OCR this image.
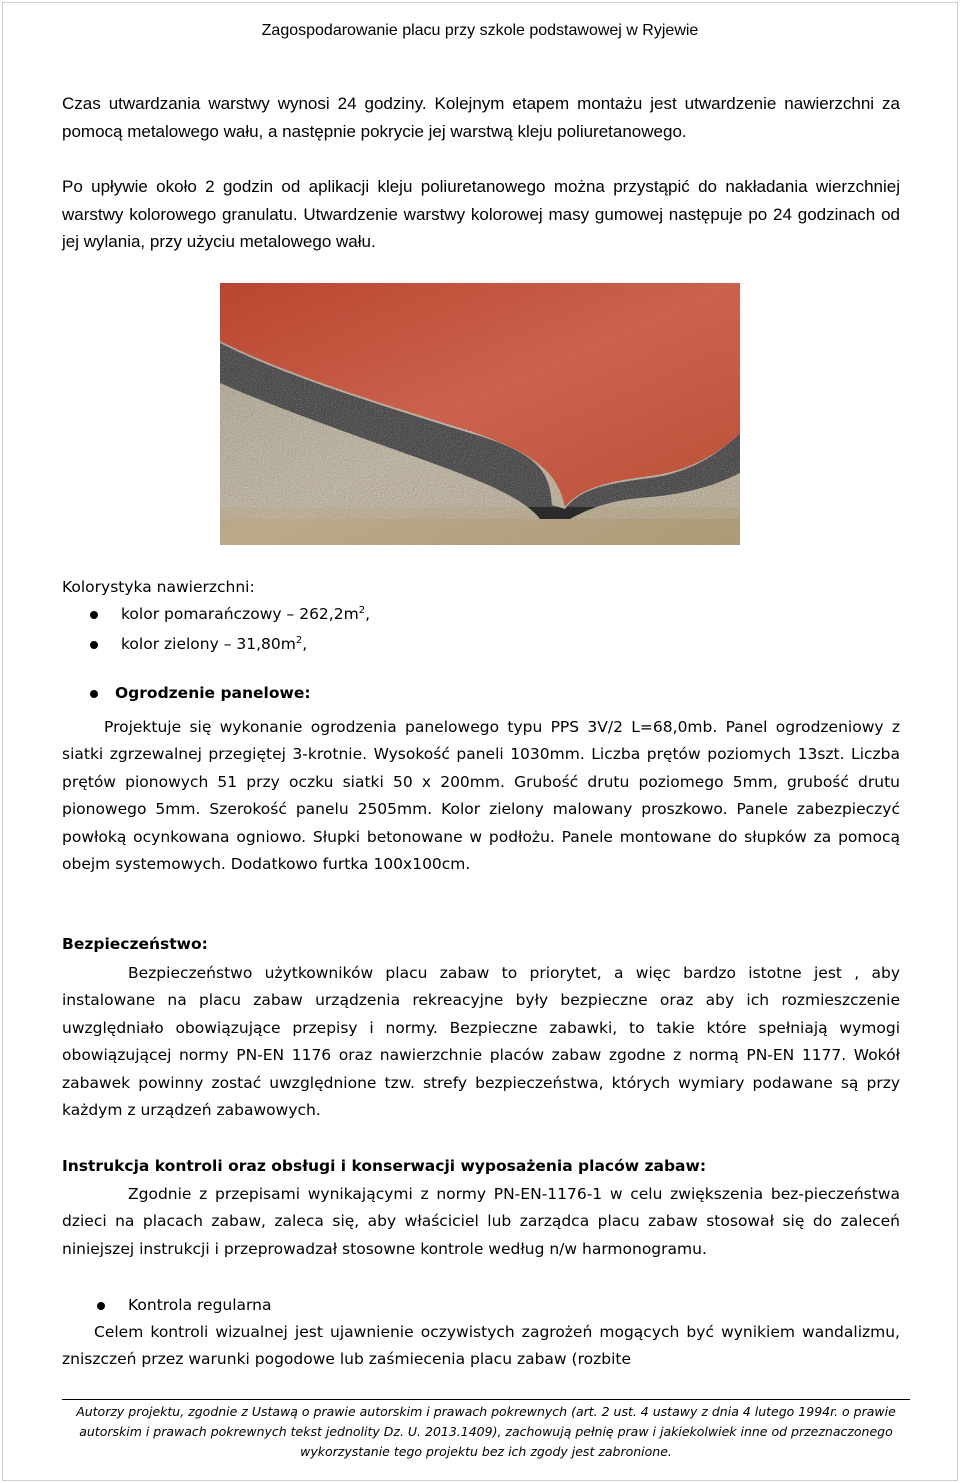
Zagospodarowanie placu przy szkole podstawowej w Ryjewie
Czas utwardzania warstwy wynosi 24 godziny. Kolejnym etapem montażu jest utwardzenie nawierzchni za pomocą metalowego wału, a następnie pokrycie jej warstwą kleju poliuretanowego.
Po upływie około 2 godzin od aplikacji kleju poliuretanowego można przystąpić do nakładania wierzchniej warstwy kolorowego granulatu. Utwardzenie warstwy kolorowej masy gumowej następuje po 24 godzinach od jej wylania, przy użyciu metalowego wału.
Kolorystyka nawierzchni:
kolor pomarańczowy – $262,2m^2$,
kolor zielony – $31,80m^2$,
Ogrodzenie panelowe:
Projektuje się wykonanie ogrodzenia panelowego typu PPS 3V/2 L=68,0mb. Panel ogrodzeniowy z siatki zgrzewalnej przegiętej 3-krotnie. Wysokość paneli 1030mm. Liczba prętów poziomych 13szt. Liczba prętów pionowych 51 przy oczku siatki 50 x 200mm. Grubość drutu poziomego 5mm, grubość drutu pionowego 5mm. Szerokość panelu 2505mm. Kolor zielony malowany proszkowo. Panele zabezpieczyć powłoką ocynkowana ogniowo. Słupki betonowane w podłożu. Panele montowane do słupków za pomocą obejm systemowych. Dodatkowo furtka 100x100cm.
Bezpieczeństwo:
Bezpieczeństwo użytkowników placu zabaw to priorytet, a więc bardzo istotne jest , aby instalowane na placu zabaw urządzenia rekreacyjne były bezpieczne oraz aby ich rozmieszczenie uwzględniało obowiązujące przepisy i normy. Bezpieczne zabawki, to takie które spełniają wymogi obowiązującej normy PN-EN 1176 oraz nawierzchnie placów zabaw zgodne z normą PN-EN 1177. Wokół zabawek powinny zostać uwzględnione tzw. strefy bezpieczeństwa, których wymiary podawane są przy każdym z urządzeń zabawowych.
Instrukcja kontroli oraz obsługi i konserwacji wyposażenia placów zabaw:
Zgodnie z przepisami wynikającymi z normy PN-EN-1176-1 w celu zwiększenia bez-pieczeństwa dzieci na placach zabaw, zaleca się, aby właściciel lub zarządca placu zabaw stosował się do zaleceń niniejszej instrukcji i przeprowadzał stosowne kontrole według n/w harmonogramu.
Kontrola regularna
Celem kontroli wizualnej jest ujawnienie oczywistych zagrożeń mogących być wynikiem wandalizmu, zniszczeń przez warunki pogodowe lub zaśmiecenia placu zabaw (rozbite
Autorzy projektu, zgodnie z Ustawą o prawie autorskim i prawach pokrewnych (art. 2 ust. 4 ustawy z dnia 4 lutego 1994r. o prawie
autorskim i prawach pokrewnych tekst jednolity Dz. U. 2013.1409), zachowują pełnię praw i jakiekolwiek inne od przeznaczonego
wykorzystanie tego projektu bez ich zgody jest zabronione.
